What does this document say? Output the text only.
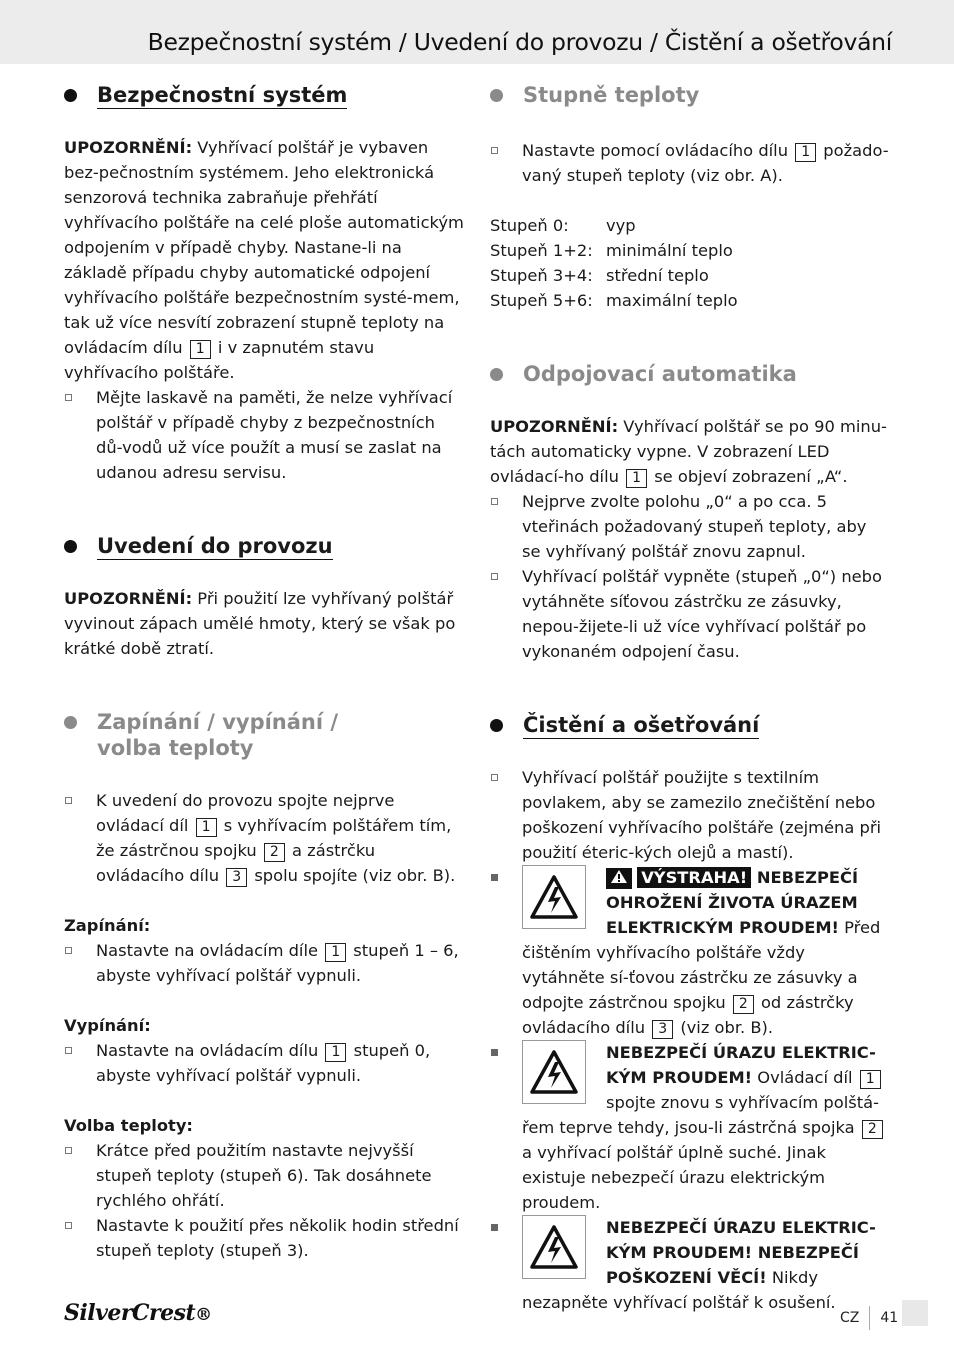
Bezpečnostní systém / Uvedení do provozu / Čistění a ošetřování
Bezpečnostní systém

UPOZORNĚNÍ: Vyhřívací polštář je vybaven bez-pečnostním systémem. Jeho elektronická senzorová technika zabraňuje přehřátí vyhřívacího polštáře na celé ploše automatickým odpojením v případě chyby. Nastane-li na základě případu chyby automatické odpojení vyhřívacího polštáře bezpečnostním systé-mem, tak už více nesvítí zobrazení stupně teploty na ovládacím dílu 1 i v zapnutém stavu vyhřívacího polštáře.

Mějte laskavě na paměti, že nelze vyhřívací polštář v případě chyby z bezpečnostních dů-vodů už více použít a musí se zaslat na udanou adresu servisu.
Uvedení do provozu

UPOZORNĚNÍ: Při použití lze vyhřívaný polštář vyvinout zápach umělé hmoty, který se však po krátké době ztratí.

Zapínání / vypínání /
volba teploty
K uvedení do provozu spojte nejprve ovládací díl 1 s vyhřívacím polštářem tím, že zástrčnou spojku 2 a zástrčku ovládacího dílu 3 spolu spojíte (viz obr. B).
Zapínání:
Nastavte na ovládacím díle 1 stupeň 1 – 6, abyste vyhřívací polštář vypnuli.
Vypínání:
Nastavte na ovládacím dílu 1 stupeň 0, abyste vyhřívací polštář vypnuli.
Volba teploty:
Krátce před použitím nastavte nejvyšší stupeň teploty (stupeň 6). Tak dosáhnete rychlého ohřátí.
Nastavte k použití přes několik hodin střední stupeň teploty (stupeň 3).
Stupně teploty
Nastavte pomocí ovládacího dílu 1 požado-vaný stupeň teploty (viz obr. A).
Stupeň 0:	vyp
Stupeň 1+2: minimální teplo
Stupeň 3+4: střední teplo
Stupeň 5+6: maximální teplo
Odpojovací automatika

UPOZORNĚNÍ: Vyhřívací polštář se po 90 minu-tách automaticky vypne. V zobrazení LED ovládací-ho dílu 1 se objeví zobrazení „A“.

Nejprve zvolte polohu „0“ a po cca. 5 vteřinách požadovaný stupeň teploty, aby se vyhřívaný polštář znovu zapnul.
Vyhřívací polštář vypněte (stupeň „0“) nebo vytáhněte síťovou zástrčku ze zásuvky, nepou-žijete-li už více vyhřívací polštář po vykonaném odpojení času.
Čistění a ošetřování
Vyhřívací polštář použijte s textilním povlakem, aby se zamezilo znečištění nebo poškození vyhřívacího polštáře (zejména při použití éteric-kých olejů a mastí).
VÝSTRAHA! NEBEZPEČÍ OHROŽENÍ ŽIVOTA ÚRAZEM ELEKTRICKÝM PROUDEM! Před čištěním vyhřívacího polštáře vždy vytáhněte sí-ťovou zástrčku ze zásuvky a odpojte zástrčnou spojku 2 od zástrčky ovládacího dílu 3 (viz obr. B).
NEBEZPEČÍ ÚRAZU ELEKTRIC-KÝM PROUDEM! Ovládací díl 1 spojte znovu s vyhřívacím polštá-řem teprve tehdy, jsou-li zástrčná spojka 2 a vyhřívací polštář úplně suché. Jinak existuje nebezpečí úrazu elektrickým proudem.
NEBEZPEČÍ ÚRAZU ELEKTRIC-KÝM PROUDEM! NEBEZPEČÍ POŠKOZENÍ VĚCÍ! Nikdy nezapněte vyhřívací polštář k osušení.
SilverCrest®	CZ 41
